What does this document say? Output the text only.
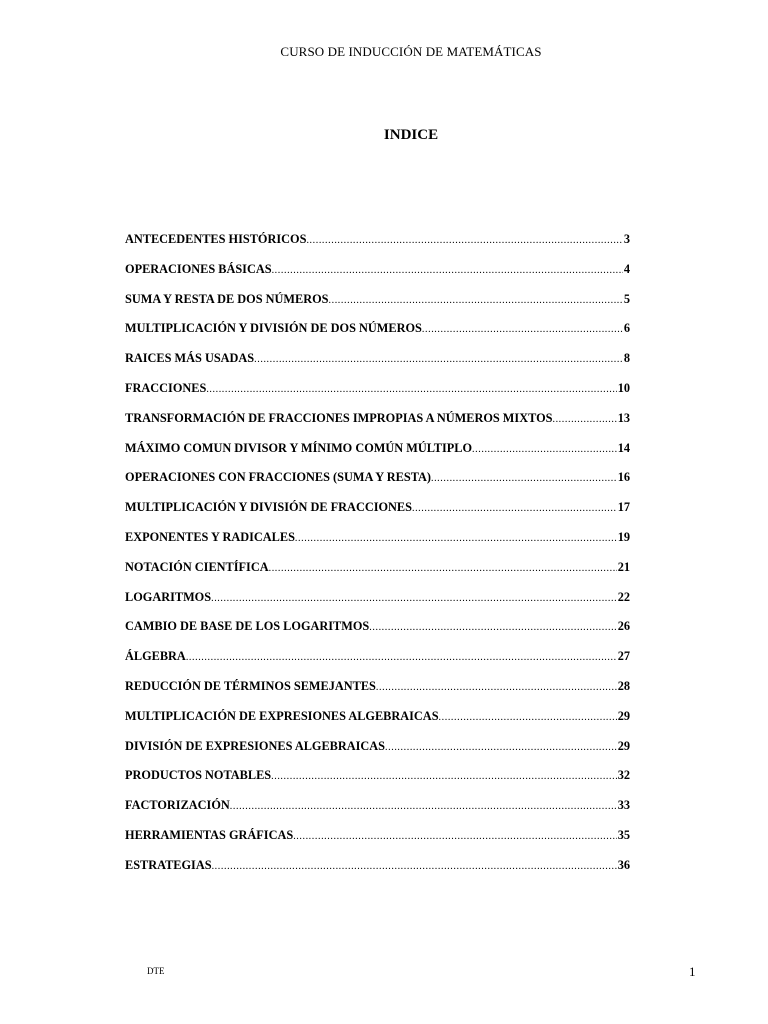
CURSO DE INDUCCIÓN DE MATEMÁTICAS
INDICE
ANTECEDENTES HISTÓRICOS .....	3
OPERACIONES BÁSICAS .....	4
SUMA Y RESTA DE DOS NÚMEROS .....	5
MULTIPLICACIÓN Y DIVISIÓN DE DOS NÚMEROS .....	6
RAICES MÁS USADAS .....	8
FRACCIONES .....	10
TRANSFORMACIÓN DE FRACCIONES IMPROPIAS A NÚMEROS MIXTOS .....	13
MÁXIMO COMUN DIVISOR Y MÍNIMO COMÚN MÚLTIPLO .....	14
OPERACIONES CON FRACCIONES (SUMA Y RESTA) .....	16
MULTIPLICACIÓN Y DIVISIÓN DE FRACCIONES .....	17
EXPONENTES Y RADICALES .....	19
NOTACIÓN CIENTÍFICA .....	21
LOGARITMOS .....	22
CAMBIO DE BASE DE LOS LOGARITMOS .....	26
ÁLGEBRA .....	27
REDUCCIÓN DE TÉRMINOS SEMEJANTES .....	28
MULTIPLICACIÓN DE EXPRESIONES ALGEBRAICAS .....	29
DIVISIÓN DE EXPRESIONES ALGEBRAICAS .....	29
PRODUCTOS NOTABLES .....	32
FACTORIZACIÓN .....	33
HERRAMIENTAS GRÁFICAS .....	35
ESTRATEGIAS .....	36
DTE	1
